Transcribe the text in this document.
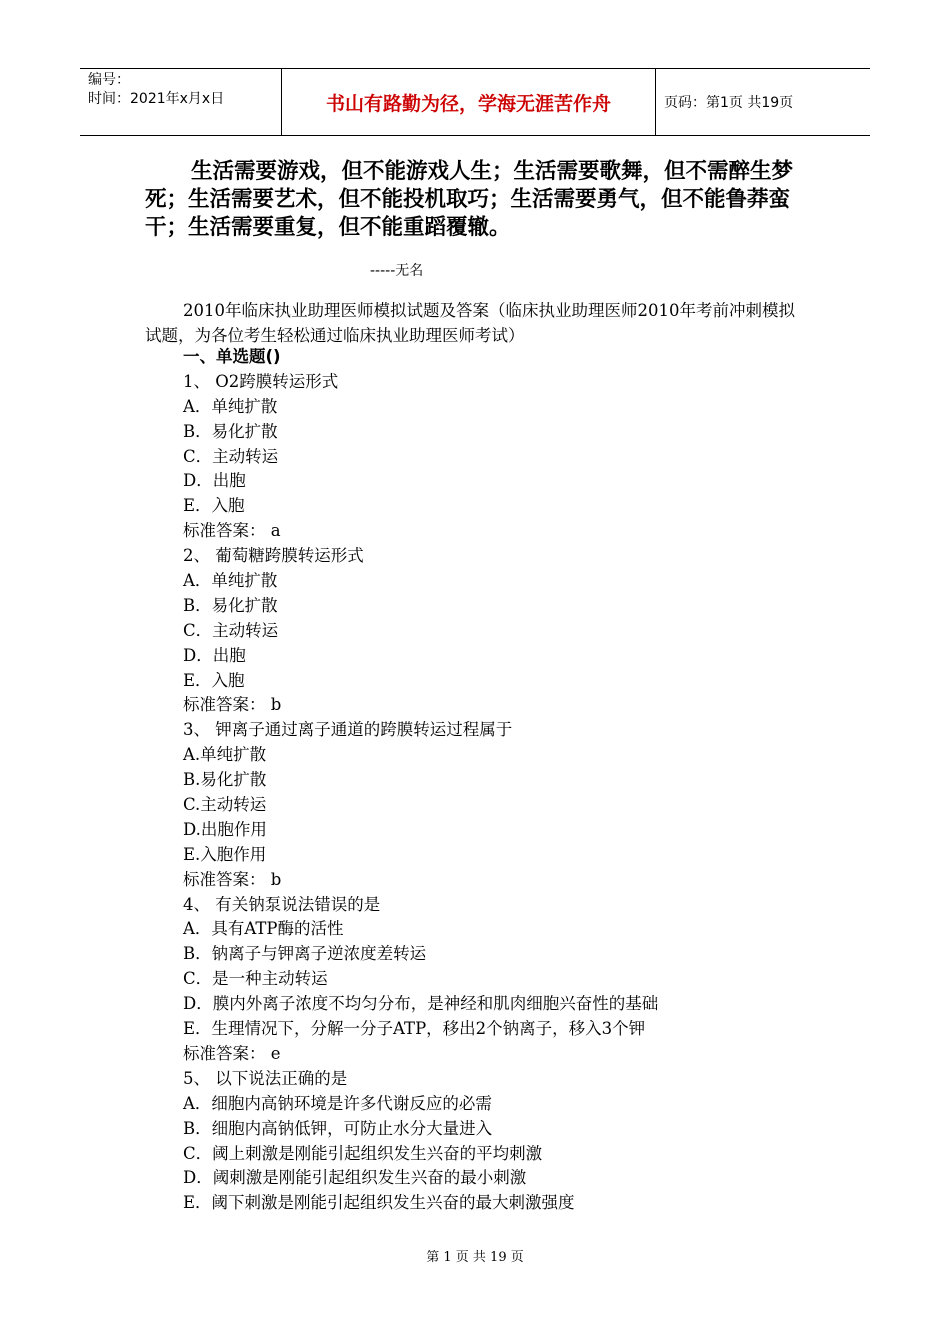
编号：
时间：2021年x月x日	书山有路勤为径，学海无涯苦作舟	页码：第1页 共19页
生活需要游戏，但不能游戏人生；生活需要歌舞，但不需醉生梦死；生活需要艺术，但不能投机取巧；生活需要勇气，但不能鲁莽蛮干；生活需要重复，但不能重蹈覆辙。
-----无名
2010年临床执业助理医师模拟试题及答案（临床执业助理医师2010年考前冲刺模拟试题，为各位考生轻松通过临床执业助理医师考试）
一、单选题()
1、 O2跨膜转运形式
A．单纯扩散
B．易化扩散
C．主动转运
D．出胞
E．入胞
标准答案： a
2、 葡萄糖跨膜转运形式
A．单纯扩散
B．易化扩散
C．主动转运
D．出胞
E．入胞
标准答案： b
3、 钾离子通过离子通道的跨膜转运过程属于
A.单纯扩散
B.易化扩散
C.主动转运
D.出胞作用
E.入胞作用
标准答案： b
4、 有关钠泵说法错误的是
A．具有ATP酶的活性
B．钠离子与钾离子逆浓度差转运
C．是一种主动转运
D．膜内外离子浓度不均匀分布，是神经和肌肉细胞兴奋性的基础
E．生理情况下，分解一分子ATP，移出2个钠离子，移入3个钾
标准答案： e
5、 以下说法正确的是
A．细胞内高钠环境是许多代谢反应的必需
B．细胞内高钠低钾，可防止水分大量进入
C．阈上刺激是刚能引起组织发生兴奋的平均刺激
D．阈刺激是刚能引起组织发生兴奋的最小刺激
E．阈下刺激是刚能引起组织发生兴奋的最大刺激强度
第 1 页 共 19 页
